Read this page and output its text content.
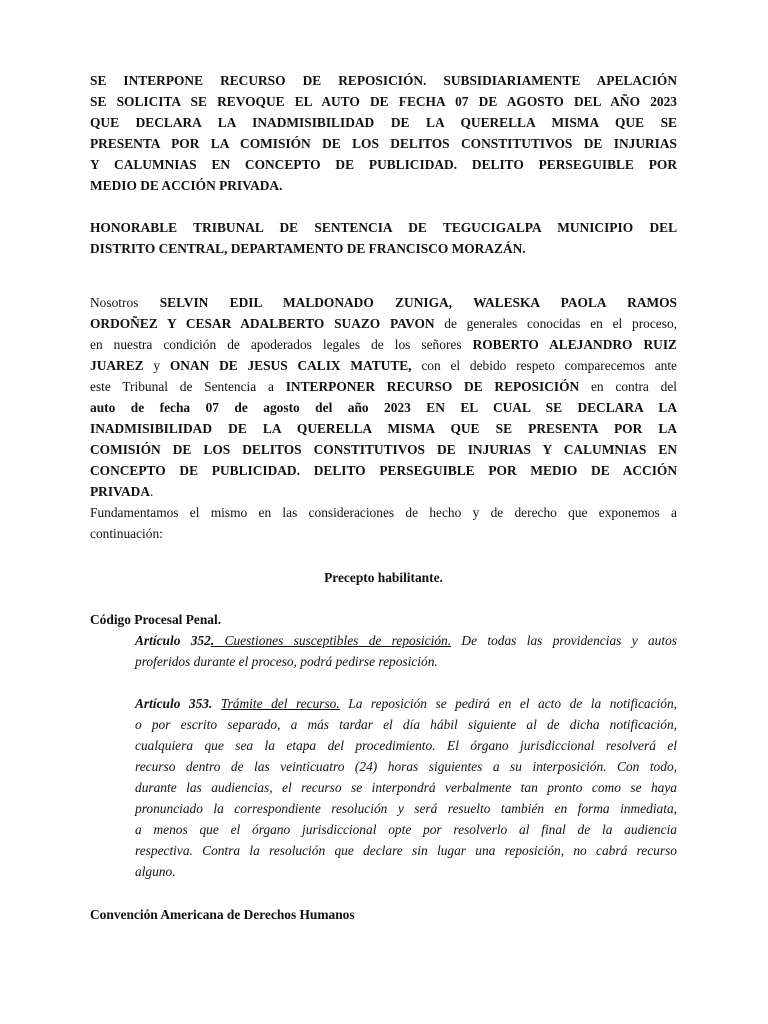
SE INTERPONE RECURSO DE REPOSICIÓN. SUBSIDIARIAMENTE APELACIÓN

SE SOLICITA SE REVOQUE EL AUTO DE FECHA 07 DE AGOSTO DEL AÑO 2023

QUE DECLARA LA INADMISIBILIDAD DE LA QUERELLA MISMA QUE SE

PRESENTA POR LA COMISIÓN DE LOS DELITOS CONSTITUTIVOS DE INJURIAS

Y CALUMNIAS EN CONCEPTO DE PUBLICIDAD. DELITO PERSEGUIBLE POR

MEDIO DE ACCIÓN PRIVADA.

HONORABLE TRIBUNAL DE SENTENCIA DE TEGUCIGALPA MUNICIPIO DEL

DISTRITO CENTRAL, DEPARTAMENTO DE FRANCISCO MORAZÁN.

Nosotros SELVIN EDIL MALDONADO ZUNIGA, WALESKA PAOLA RAMOS

ORDOÑEZ Y CESAR ADALBERTO SUAZO PAVON de generales conocidas en el proceso,

en nuestra condición de apoderados legales de los señores ROBERTO ALEJANDRO RUIZ

JUAREZ y ONAN DE JESUS CALIX MATUTE, con el debido respeto comparecemos ante

este Tribunal de Sentencia a INTERPONER RECURSO DE REPOSICIÓN en contra del

auto de fecha 07 de agosto del año 2023 EN EL CUAL SE DECLARA LA

INADMISIBILIDAD DE LA QUERELLA MISMA QUE SE PRESENTA POR LA

COMISIÓN DE LOS DELITOS CONSTITUTIVOS DE INJURIAS Y CALUMNIAS EN

CONCEPTO DE PUBLICIDAD. DELITO PERSEGUIBLE POR MEDIO DE ACCIÓN

PRIVADA.

Fundamentamos el mismo en las consideraciones de hecho y de derecho que exponemos a

continuación:

Precepto habilitante.

Código Procesal Penal.

Artículo 352. Cuestiones susceptibles de reposición. De todas las providencias y autos

proferidos durante el proceso, podrá pedirse reposición.

Artículo 353. Trámite del recurso. La reposición se pedirá en el acto de la notificación,

o por escrito separado, a más tardar el día hábil siguiente al de dicha notificación,

cualquiera que sea la etapa del procedimiento. El órgano jurisdiccional resolverá el

recurso dentro de las veinticuatro (24) horas siguientes a su interposición. Con todo,

durante las audiencias, el recurso se interpondrá verbalmente tan pronto como se haya

pronunciado la correspondiente resolución y será resuelto también en forma inmediata,

a menos que el órgano jurisdiccional opte por resolverlo al final de la audiencia

respectiva. Contra la resolución que declare sin lugar una reposición, no cabrá recurso

alguno.

Convención Americana de Derechos Humanos
